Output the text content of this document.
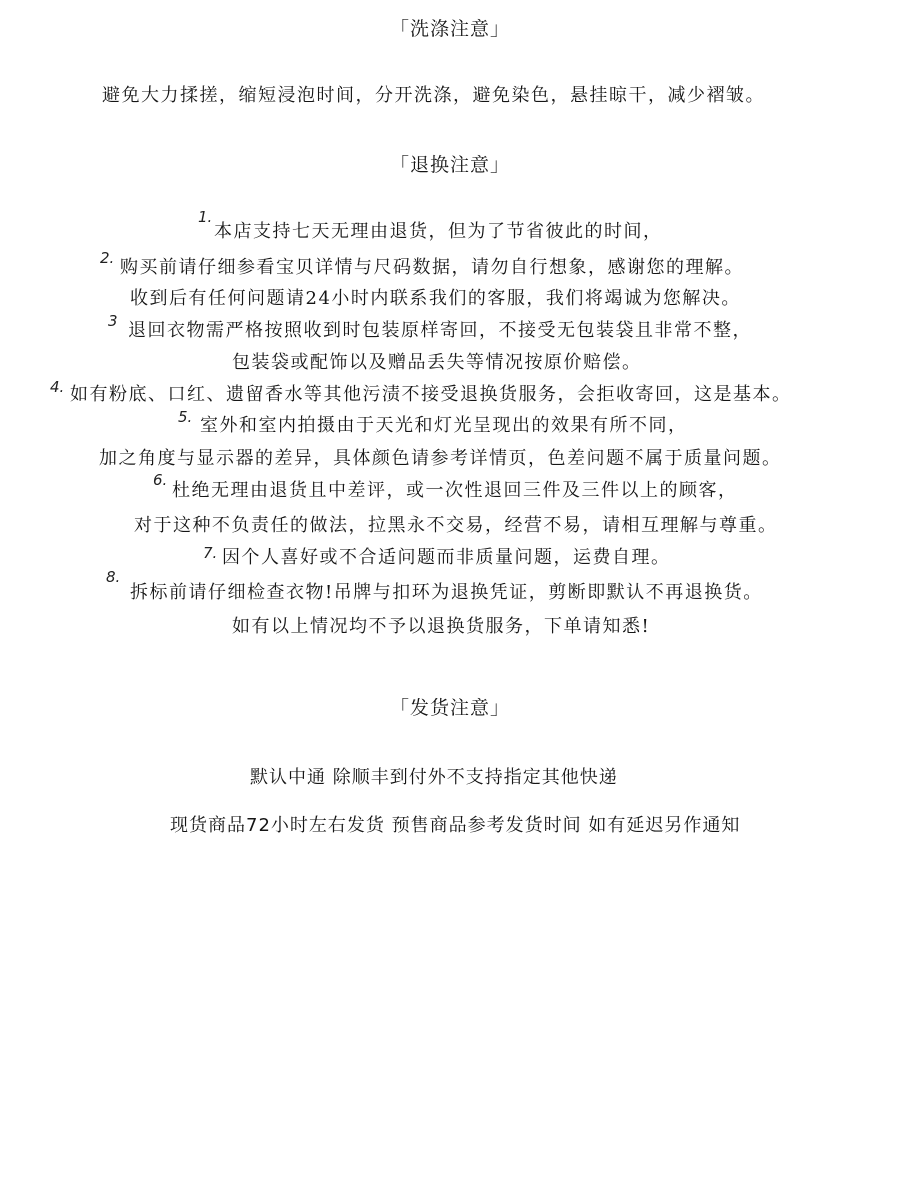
「洗涤注意」
避免大力揉搓，缩短浸泡时间，分开洗涤，避免染色，悬挂晾干，减少褶皱。
「退换注意」
1.
本店支持七天无理由退货，但为了节省彼此的时间，
2. 购买前请仔细参看宝贝详情与尺码数据，请勿自行想象，感谢您的理解。
收到后有任何问题请24小时内联系我们的客服，我们将竭诚为您解决。
3 退回衣物需严格按照收到时包装原样寄回，不接受无包装袋且非常不整，
包装袋或配饰以及赠品丢失等情况按原价赔偿。
4. 如有粉底、口红、遗留香水等其他污渍不接受退换货服务，会拒收寄回，这是基本。
5. 室外和室内拍摄由于天光和灯光呈现出的效果有所不同，
加之角度与显示器的差异，具体颜色请参考详情页，色差问题不属于质量问题。
6. 杜绝无理由退货且中差评，或一次性退回三件及三件以上的顾客，
对于这种不负责任的做法，拉黑永不交易，经营不易，请相互理解与尊重。
7. 因个人喜好或不合适问题而非质量问题，运费自理。
8.
拆标前请仔细检查衣物!吊牌与扣环为退换凭证，剪断即默认不再退换货。
如有以上情况均不予以退换货服务，下单请知悉!
「发货注意」
默认中通 除顺丰到付外不支持指定其他快递
现货商品72小时左右发货 预售商品参考发货时间 如有延迟另作通知
